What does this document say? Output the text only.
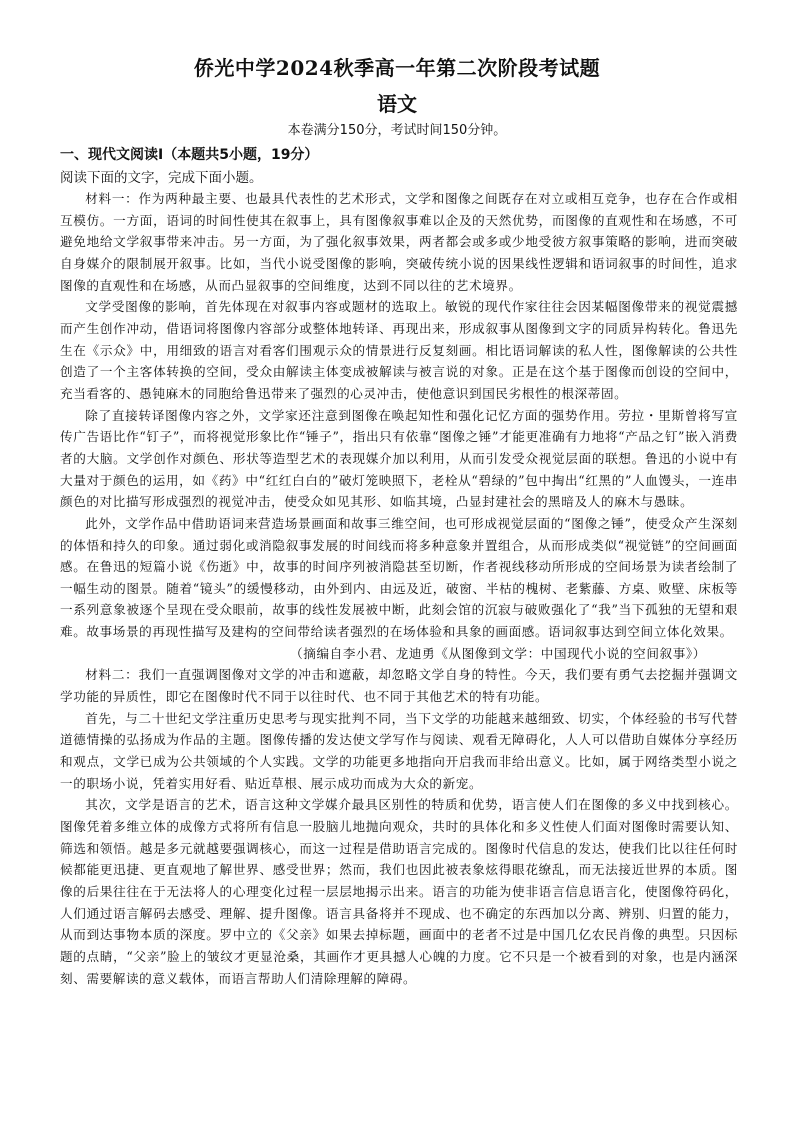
侨光中学2024秋季高一年第二次阶段考试题
语文
本卷满分150分，考试时间150分钟。
一、现代文阅读Ⅰ（本题共5小题，19分）
阅读下面的文字，完成下面小题。

材料一：作为两种最主要、也最具代表性的艺术形式，文学和图像之间既存在对立或相互竞争，也存在合作或相互模仿。一方面，语词的时间性使其在叙事上，具有图像叙事难以企及的天然优势，而图像的直观性和在场感，不可避免地给文学叙事带来冲击。另一方面，为了强化叙事效果，两者都会或多或少地受彼方叙事策略的影响，进而突破自身媒介的限制展开叙事。比如，当代小说受图像的影响，突破传统小说的因果线性逻辑和语词叙事的时间性，追求图像的直观性和在场感，从而凸显叙事的空间维度，达到不同以往的艺术境界。

文学受图像的影响，首先体现在对叙事内容或题材的选取上。敏锐的现代作家往往会因某幅图像带来的视觉震撼而产生创作冲动，借语词将图像内容部分或整体地转译、再现出来，形成叙事从图像到文字的同质异构转化。鲁迅先生在《示众》中，用细致的语言对看客们围观示众的情景进行反复刻画。相比语词解读的私人性，图像解读的公共性创造了一个主客体转换的空间，受众由解读主体变成被解读与被言说的对象。正是在这个基于图像而创设的空间中，充当看客的、愚钝麻木的同胞给鲁迅带来了强烈的心灵冲击，使他意识到国民劣根性的根深蒂固。

除了直接转译图像内容之外，文学家还注意到图像在唤起知性和强化记忆方面的强势作用。劳拉・里斯曾将写宣传广告语比作“钉子”，而将视觉形象比作“锤子”，指出只有依靠“图像之锤”才能更准确有力地将“产品之钉”嵌入消费者的大脑。文学创作对颜色、形状等造型艺术的表现媒介加以利用，从而引发受众视觉层面的联想。鲁迅的小说中有大量对于颜色的运用，如《药》中“红红白白的”破灯笼映照下，老栓从“碧绿的”包中掏出“红黑的”人血馒头，一连串颜色的对比描写形成强烈的视觉冲击，使受众如见其形、如临其境，凸显封建社会的黑暗及人的麻木与愚昧。

此外，文学作品中借助语词来营造场景画面和故事三维空间，也可形成视觉层面的“图像之锤”，使受众产生深刻的体悟和持久的印象。通过弱化或消隐叙事发展的时间线而将多种意象并置组合，从而形成类似“视觉链”的空间画面感。在鲁迅的短篇小说《伤逝》中，故事的时间序列被消隐甚至切断，作者视线移动所形成的空间场景为读者绘制了一幅生动的图景。随着“镜头”的缓慢移动，由外到内、由远及近，破窗、半枯的槐树、老紫藤、方桌、败壁、床板等一系列意象被逐个呈现在受众眼前，故事的线性发展被中断，此刻会馆的沉寂与破败强化了“我”当下孤独的无望和艰难。故事场景的再现性描写及建构的空间带给读者强烈的在场体验和具象的画面感。语词叙事达到空间立体化效果。

（摘编自李小君、龙迪勇《从图像到文学：中国现代小说的空间叙事》）

材料二：我们一直强调图像对文学的冲击和遮蔽，却忽略文学自身的特性。今天，我们要有勇气去挖掘并强调文学功能的异质性，即它在图像时代不同于以往时代、也不同于其他艺术的特有功能。

首先，与二十世纪文学注重历史思考与现实批判不同，当下文学的功能越来越细致、切实，个体经验的书写代替道德情操的弘扬成为作品的主题。图像传播的发达使文学写作与阅读、观看无障碍化，人人可以借助自媒体分享经历和观点，文学已成为公共领域的个人实践。文学的功能更多地指向开启我而非给出意义。比如，属于网络类型小说之一的职场小说，凭着实用好看、贴近草根、展示成功而成为大众的新宠。

其次，文学是语言的艺术，语言这种文学媒介最具区别性的特质和优势，语言使人们在图像的多义中找到核心。图像凭着多维立体的成像方式将所有信息一股脑儿地抛向观众，共时的具体化和多义性使人们面对图像时需要认知、筛选和领悟。越是多元就越要强调核心，而这一过程是借助语言完成的。图像时代信息的发达，使我们比以往任何时候都能更迅捷、更直观地了解世界、感受世界；然而，我们也因此被表象炫得眼花缭乱，而无法接近世界的本质。图像的后果往往在于无法将人的心理变化过程一层层地揭示出来。语言的功能为使非语言信息语言化，使图像符码化，人们通过语言解码去感受、理解、提升图像。语言具备将并不现成、也不确定的东西加以分离、辨别、归置的能力，从而到达事物本质的深度。罗中立的《父亲》如果去掉标题，画面中的老者不过是中国几亿农民肖像的典型。只因标题的点睛，“父亲”脸上的皱纹才更显沧桑，其画作才更具撼人心魄的力度。它不只是一个被看到的对象，也是内涵深刻、需要解读的意义载体，而语言帮助人们清除理解的障碍。
